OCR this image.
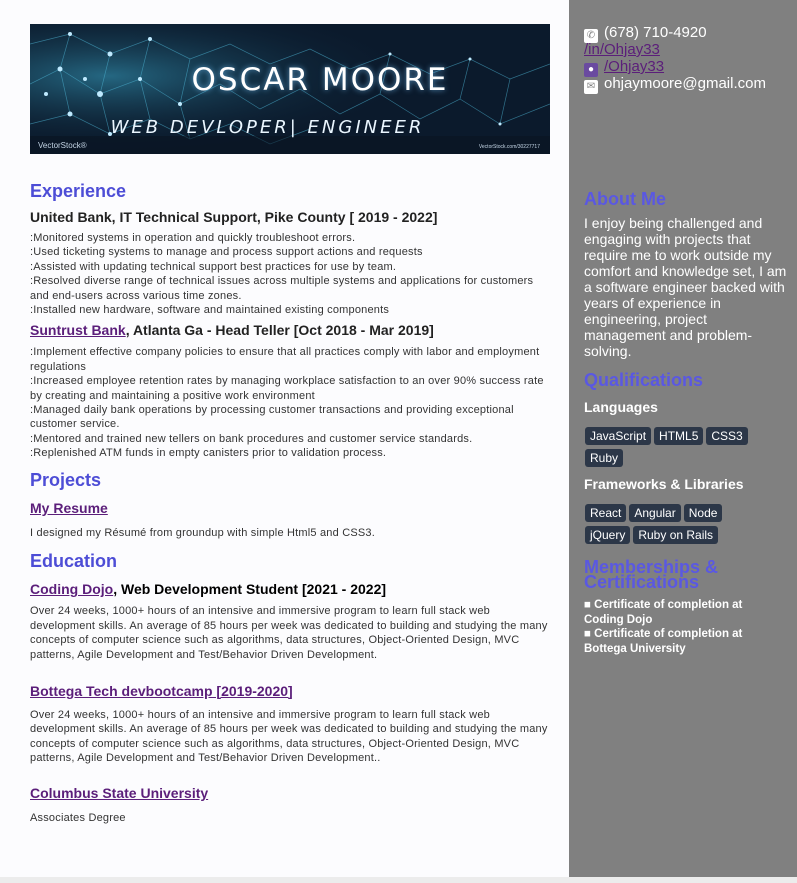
OSCAR MOORE
WEB DEVLOPER| ENGINEER
VectorStock®	VectorStock.com/30227717
Experience
United Bank, IT Technical Support, Pike County [ 2019 - 2022]
:Monitored systems in operation and quickly troubleshoot errors.
:Used ticketing systems to manage and process support actions and requests
:Assisted with updating technical support best practices for use by team.
:Resolved diverse range of technical issues across multiple systems and applications for customers and end-users across various time zones.
:Installed new hardware, software and maintained existing components
Suntrust Bank, Atlanta Ga - Head Teller [Oct 2018 - Mar 2019]
:Implement effective company policies to ensure that all practices comply with labor and employment regulations
:Increased employee retention rates by managing workplace satisfaction to an over 90% success rate by creating and maintaining a positive work environment
:Managed daily bank operations by processing customer transactions and providing exceptional customer service.
:Mentored and trained new tellers on bank procedures and customer service standards.
:Replenished ATM funds in empty canisters prior to validation process.
Projects
My Resume
I designed my Résumé from groundup with simple Html5 and CSS3.
Education
Coding Dojo, Web Development Student [2021 - 2022]
Over 24 weeks, 1000+ hours of an intensive and immersive program to learn full stack web development skills. An average of 85 hours per week was dedicated to building and studying the many concepts of computer science such as algorithms, data structures, Object-Oriented Design, MVC patterns, Agile Development and Test/Behavior Driven Development.
Bottega Tech devbootcamp [2019-2020]
Over 24 weeks, 1000+ hours of an intensive and immersive program to learn full stack web development skills. An average of 85 hours per week was dedicated to building and studying the many concepts of computer science such as algorithms, data structures, Object-Oriented Design, MVC patterns, Agile Development and Test/Behavior Driven Development..
Columbus State University
Associates Degree
✆ (678) 710-4920
/in/Ohjay33
● /Ohjay33
✉ ohjaymoore@gmail.com
About Me
I enjoy being challenged and engaging with projects that require me to work outside my comfort and knowledge set, I am a software engineer backed with years of experience in engineering, project management and problem-solving.
Qualifications
Languages
JavaScript HTML5 CSS3
Ruby
Frameworks & Libraries
React Angular Node
jQuery Ruby on Rails
Memberships & Certifications
■ Certificate of completion at Coding Dojo
■ Certificate of completion at Bottega University
